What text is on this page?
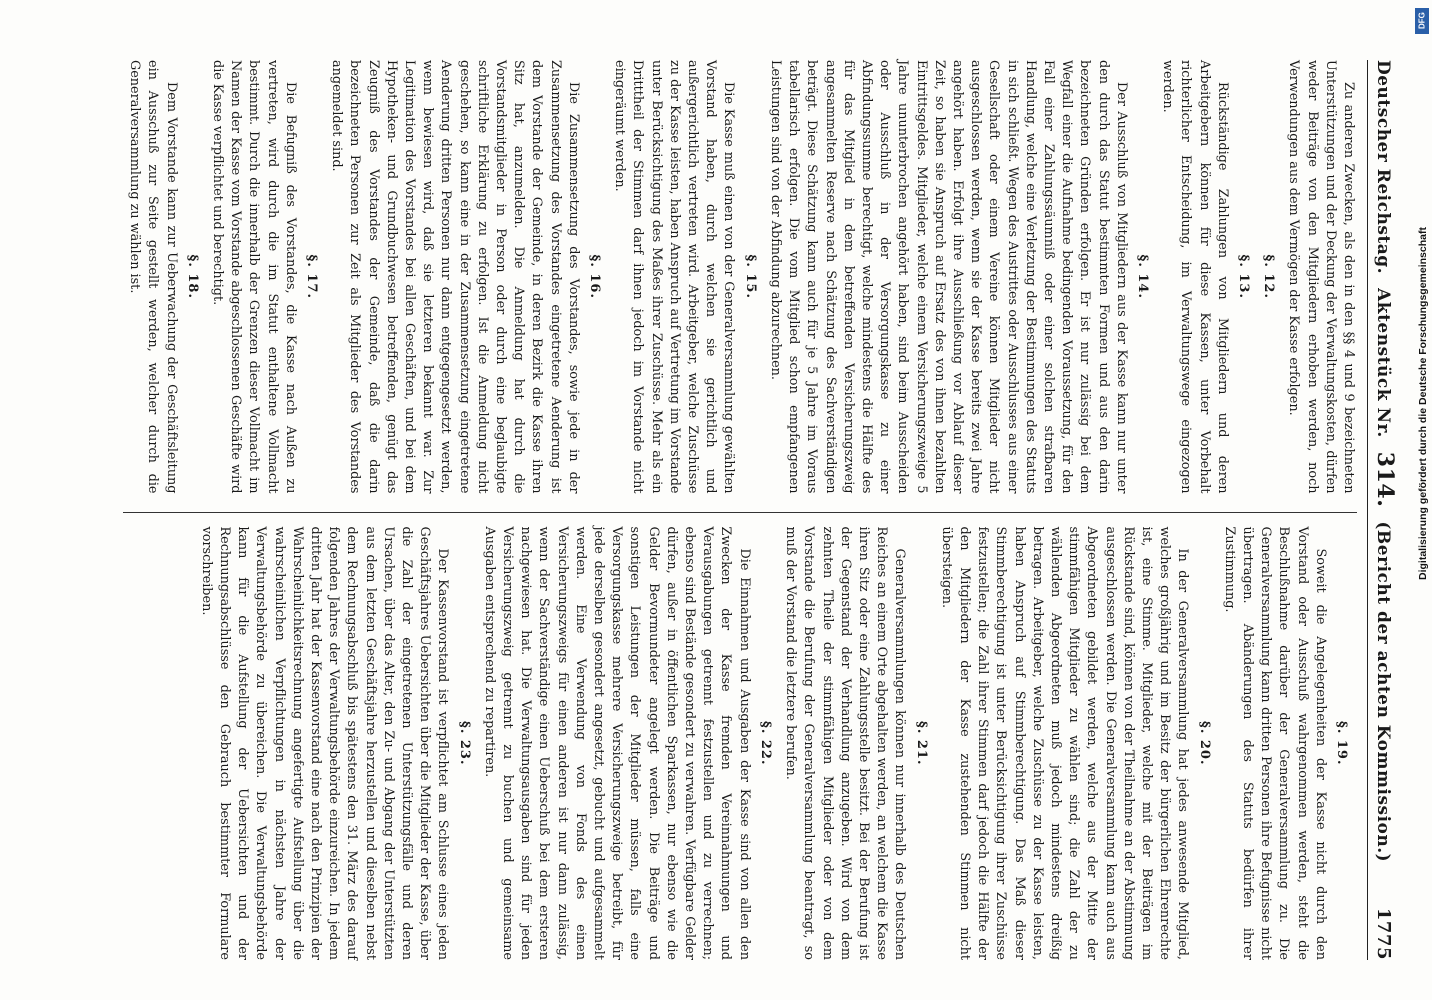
Deutscher Reichstag.
Aktenstück Nr.
314.
(Bericht der achten Kommission.)
1775

Zu anderen Zwecken, als den in den §§ 4 und 9 bezeichneten Unterstützungen und der Deckung der Verwaltungskosten, dürfen weder Beiträge von den Mitgliedern erhoben werden, noch Verwendungen aus dem Vermögen der Kasse erfolgen.

§. 12.
§. 13.

Rückständige Zahlungen von Mitgliedern und deren Arbeitgebern können für diese Kassen, unter Vorbehalt richterlicher Entscheidung, im Verwaltungswege eingezogen werden.

§. 14.

Der Ausschluß von Mitgliedern aus der Kasse kann nur unter den durch das Statut bestimmten Formen und aus den darin bezeichneten Gründen erfolgen. Er ist nur zulässig bei dem Wegfall einer die Aufnahme bedingenden Voraussetzung, für den Fall einer Zahlungssäumniß oder einer solchen strafbaren Handlung, welche eine Verletzung der Bestimmungen des Statuts in sich schließt. Wegen des Austrittes oder Ausschlusses aus einer Gesellschaft oder einem Vereine können Mitglieder nicht ausgeschlossen werden, wenn sie der Kasse bereits zwei Jahre angehört haben. Erfolgt ihre Ausschließung vor Ablauf dieser Zeit, so haben sie Anspruch auf Ersatz des von ihnen bezahlten Eintrittsgeldes. Mitglieder, welche einem Versicherungszweige 5 Jahre ununterbrochen angehört haben, sind beim Ausscheiden oder Ausschluß in der Versorgungskasse zu einer Abfindungssumme berechtigt, welche mindestens die Hälfte des für das Mitglied in dem betreffenden Versicherungszweig angesammelten Reserve nach Schätzung des Sachverständigen beträgt. Diese Schätzung kann auch für je 5 Jahre im Voraus tabellarisch erfolgen. Die vom Mitglied schon empfangenen Leistungen sind von der Abfindung abzurechnen.

§. 15.

Die Kasse muß einen von der Generalversammlung gewählten Vorstand haben, durch welchen sie gerichtlich und außergerichtlich vertreten wird. Arbeitgeber, welche Zuschüsse zu der Kasse leisten, haben Anspruch auf Vertretung im Vorstande unter Berücksichtigung des Maßes ihrer Zuschüsse. Mehr als ein Dritttheil der Stimmen darf ihnen jedoch im Vorstande nicht eingeräumt werden.

§. 16.

Die Zusammensetzung des Vorstandes, sowie jede in der Zusammensetzung des Vorstandes eingetretene Aenderung ist dem Vorstande der Gemeinde, in deren Bezirk die Kasse ihren Sitz hat, anzumelden. Die Anmeldung hat durch die Vorstandsmitglieder in Person oder durch eine beglaubigte schriftliche Erklärung zu erfolgen. Ist die Anmeldung nicht geschehen, so kann eine in der Zusammensetzung eingetretene Aenderung dritten Personen nur dann entgegengesetzt werden, wenn bewiesen wird, daß sie letzteren bekannt war. Zur Legitimation des Vorstandes bei allen Geschäften, und bei dem Hypotheken- und Grundbuchwesen betreffenden, genügt das Zeugniß des Vorstandes der Gemeinde, daß die darin bezeichneten Personen zur Zeit als Mitglieder des Vorstandes angemeldet sind.

§. 17.

Die Befugniß des Vorstandes, die Kasse nach Außen zu vertreten, wird durch die im Statut enthaltene Vollmacht bestimmt. Durch die innerhalb der Grenzen dieser Vollmacht im Namen der Kasse vom Vorstande abgeschlossenen Geschäfte wird die Kasse verpflichtet und berechtigt.

§. 18.

Dem Vorstande kann zur Ueberwachung der Geschäftsleitung ein Ausschuß zur Seite gestellt werden, welcher durch die Generalversammlung zu wählen ist.

§. 19.

Soweit die Angelegenheiten der Kasse nicht durch den Vorstand oder Ausschuß wahrgenommen werden, steht die Beschlußnahme darüber der Generalversammlung zu. Die Generalversammlung kann dritten Personen ihre Befugnisse nicht übertragen. Abänderungen des Statuts bedürfen ihrer Zustimmung.

§. 20.

In der Generalversammlung hat jedes anwesende Mitglied, welches großjährig und im Besitz der bürgerlichen Ehrenrechte ist, eine Stimme. Mitglieder, welche mit der Beiträgen im Rückstande sind, können von der Theilnahme an der Abstimmung ausgeschlossen werden. Die Generalversammlung kann auch aus Abgeordneten gebildet werden, welche aus der Mitte der stimmfähigen Mitglieder zu wählen sind; die Zahl der zu wählenden Abgeordneten muß jedoch mindestens dreißig betragen. Arbeitgeber, welche Zuschüsse zu der Kasse leisten, haben Anspruch auf Stimmberechtigung. Das Maß dieser Stimmberechtigung ist unter Berücksichtigung ihrer Zuschüsse festzustellen; die Zahl ihrer Stimmen darf jedoch die Hälfte der den Mitgliedern der Kasse zustehenden Stimmen nicht übersteigen.

§. 21.

Generalversammlungen können nur innerhalb des Deutschen Reiches an einem Orte abgehalten werden, an welchem die Kasse ihren Sitz oder eine Zahlungsstelle besitzt. Bei der Berufung ist der Gegenstand der Verhandlung anzugeben. Wird von dem zehnten Theile der stimmfähigen Mitglieder oder von dem Vorstande die Berufung der Generalversammlung beantragt, so muß der Vorstand die letztere berufen.

§. 22.

Die Einnahmen und Ausgaben der Kasse sind von allen den Zwecken der Kasse fremden Vereinnahmungen und Verausgabungen getrennt festzustellen und zu verrechnen; ebenso sind Bestände gesondert zu verwahren. Verfügbare Gelder dürfen, außer in öffentlichen Sparkassen, nur ebenso wie die Gelder Bevormundeter angelegt werden. Die Beiträge und sonstigen Leistungen der Mitglieder müssen, falls eine Versorgungskasse mehrere Versicherungszweige betreibt, für jede derselben gesondert angesetzt, gebucht und aufgesammelt werden. Eine Verwendung von Fonds des einen Versicherungszweigs für einen anderen ist nur dann zulässig, wenn der Sachverständige einen Ueberschuß bei dem ersteren nachgewiesen hat. Die Verwaltungsausgaben sind für jeden Versicherungszweig getrennt zu buchen und gemeinsame Ausgaben entsprechend zu repartiren.

§. 23.

Der Kassenvorstand ist verpflichtet am Schlusse eines jeden Geschäftsjahres Uebersichten über die Mitglieder der Kasse, über die Zahl der eingetretenen Unterstützungsfälle und deren Ursachen, über das Alter, den Zu- und Abgang der Unterstützten aus dem letzten Geschäftsjahre herzustellen und dieselben nebst dem Rechnungsabschluß bis spätestens den 31. März des darauf folgenden Jahres der Verwaltungsbehörde einzureichen. In jedem dritten Jahr hat der Kassenvorstand eine nach den Prinzipien der Wahrscheinlichkeitsrechnung angefertigte Aufstellung über die wahrscheinlichen Verpflichtungen in nächsten Jahre der Verwaltungsbehörde zu übereichen. Die Verwaltungsbehörde kann für die Aufstellung der Uebersichten und der Rechnungsabschlüsse den Gebrauch bestimmter Formulare vorschreiben.

DFG
Digitalisierung gefördert durch die Deutsche Forschungsgemeinschaft
